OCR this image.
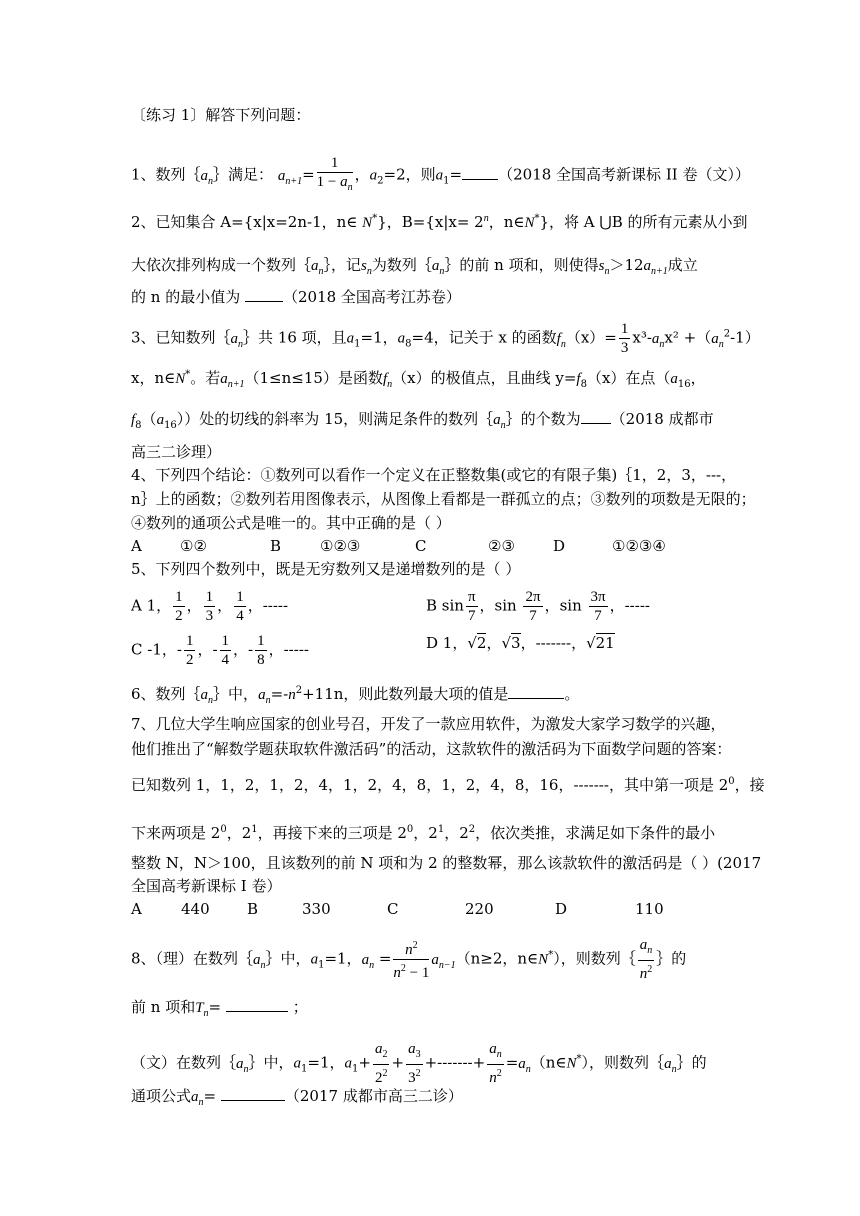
〔练习 1〕解答下列问题：
1、数列$\{a_n\}$满足： $a_{n+1}= \frac{1}{1 - a_n}$ ，$a_2=2$，则$a_1= (2018$ 全国高考新课标 II 卷（文））
2、已知集合 A={x|x=2n-1，n∈ N*}，$B=\{x|x= 2^n$，n∈N*}，将 A ⋃B 的所有元素从小到
大依次排列构成一个数列$\{a_n\}$，记$s_n$为数列$\{a_n\}$的前 n 项和，则使得$s_n>12a_{n+1}$成立
的 n 的最小值为	（2018 全国高考江苏卷）
3、已知数列$\{a_n\}$共 16 项，且$a_1=1$，$a_8=4$，记关于 x 的函数$f_n(x)= \frac{1}{3} x^3-a_nx^2 +(a_n^2-1)$
x，n∈N*。若$a_{n+1}(1\le n\le 15)$是函数$f_n(x)$的极值点，且曲线 $y=f_8(x)$在点（$a_{16}$，
$f_8(a_{16})$）处的切线的斜率为 15，则满足条件的数列$\{a_n\}$的个数为 （2018 成都市
高三二诊理）
4、下列四个结论：①数列可以看作一个定义在正整数集(或它的有限子集)｛1，2，3，---，
n｝上的函数；②数列若用图像表示，从图像上看都是一群孤立的点；③数列的项数是无限的；
④数列的通项公式是唯一的。其中正确的是（ ）
A	①②	B	①②③	C	②③	D	①②③④
5、下列四个数列中，既是无穷数列又是递增数列的是（ ）
A 1， $\frac{1}{2}$ ， $\frac{1}{3}$ ， $\frac{1}{4}$ ，-----	B $\sin \frac{\pi}{7}$ ，$\sin \frac{2\pi}{7}$ ，$\sin \frac{3\pi}{7}$ ，-----
C -1，- $\frac{1}{2}$ ，- $\frac{1}{4}$ ，- $\frac{1}{8}$ ，-----	D 1，√2，√3，-------，√21
6、数列$\{a_n\}$中，$a_n=-n^2+11n$，则此数列最大项的值是	。
7、几位大学生响应国家的创业号召，开发了一款应用软件，为激发大家学习数学的兴趣，
他们推出了“解数学题获取软件激活码”的活动，这款软件的激活码为下面数学问题的答案：
已知数列 1，1，2，1，2，4，1，2，4，8，1，2，4，8，16，-------，其中第一项是 $2^0$，接
下来两项是 $2^0$，$2^1$，再接下来的三项是 $2^0$，$2^1$，$2^2$，依次类推，求满足如下条件的最小
整数 N，N＞100，且该数列的前 N 项和为 2 的整数幂，那么该款软件的激活码是（ ）(2017
全国高考新课标 I 卷）
A	440 B	330	C	220	D	110
8、（理）在数列$\{a_n\}$中，$a_1=1$，$a_n = \frac{n^2}{n^2 - 1} a_{n-1}(n\ge 2$，n∈N*），则数列｛ $\frac{a_n}{n^2}$ ｝的
前 n 项和$T_n=$	；
（文）在数列$\{a_n\}$中，$a_1=1$，$a_1+ \frac{a_2}{2^2} + \frac{a_3}{3^2}$ +-------+ $\frac{a_n}{n^2}$ $=a_n(n\in N^*)$，则数列$\{a_n\}$的
通项公式$a_n=$	（2017 成都市高三二诊）
